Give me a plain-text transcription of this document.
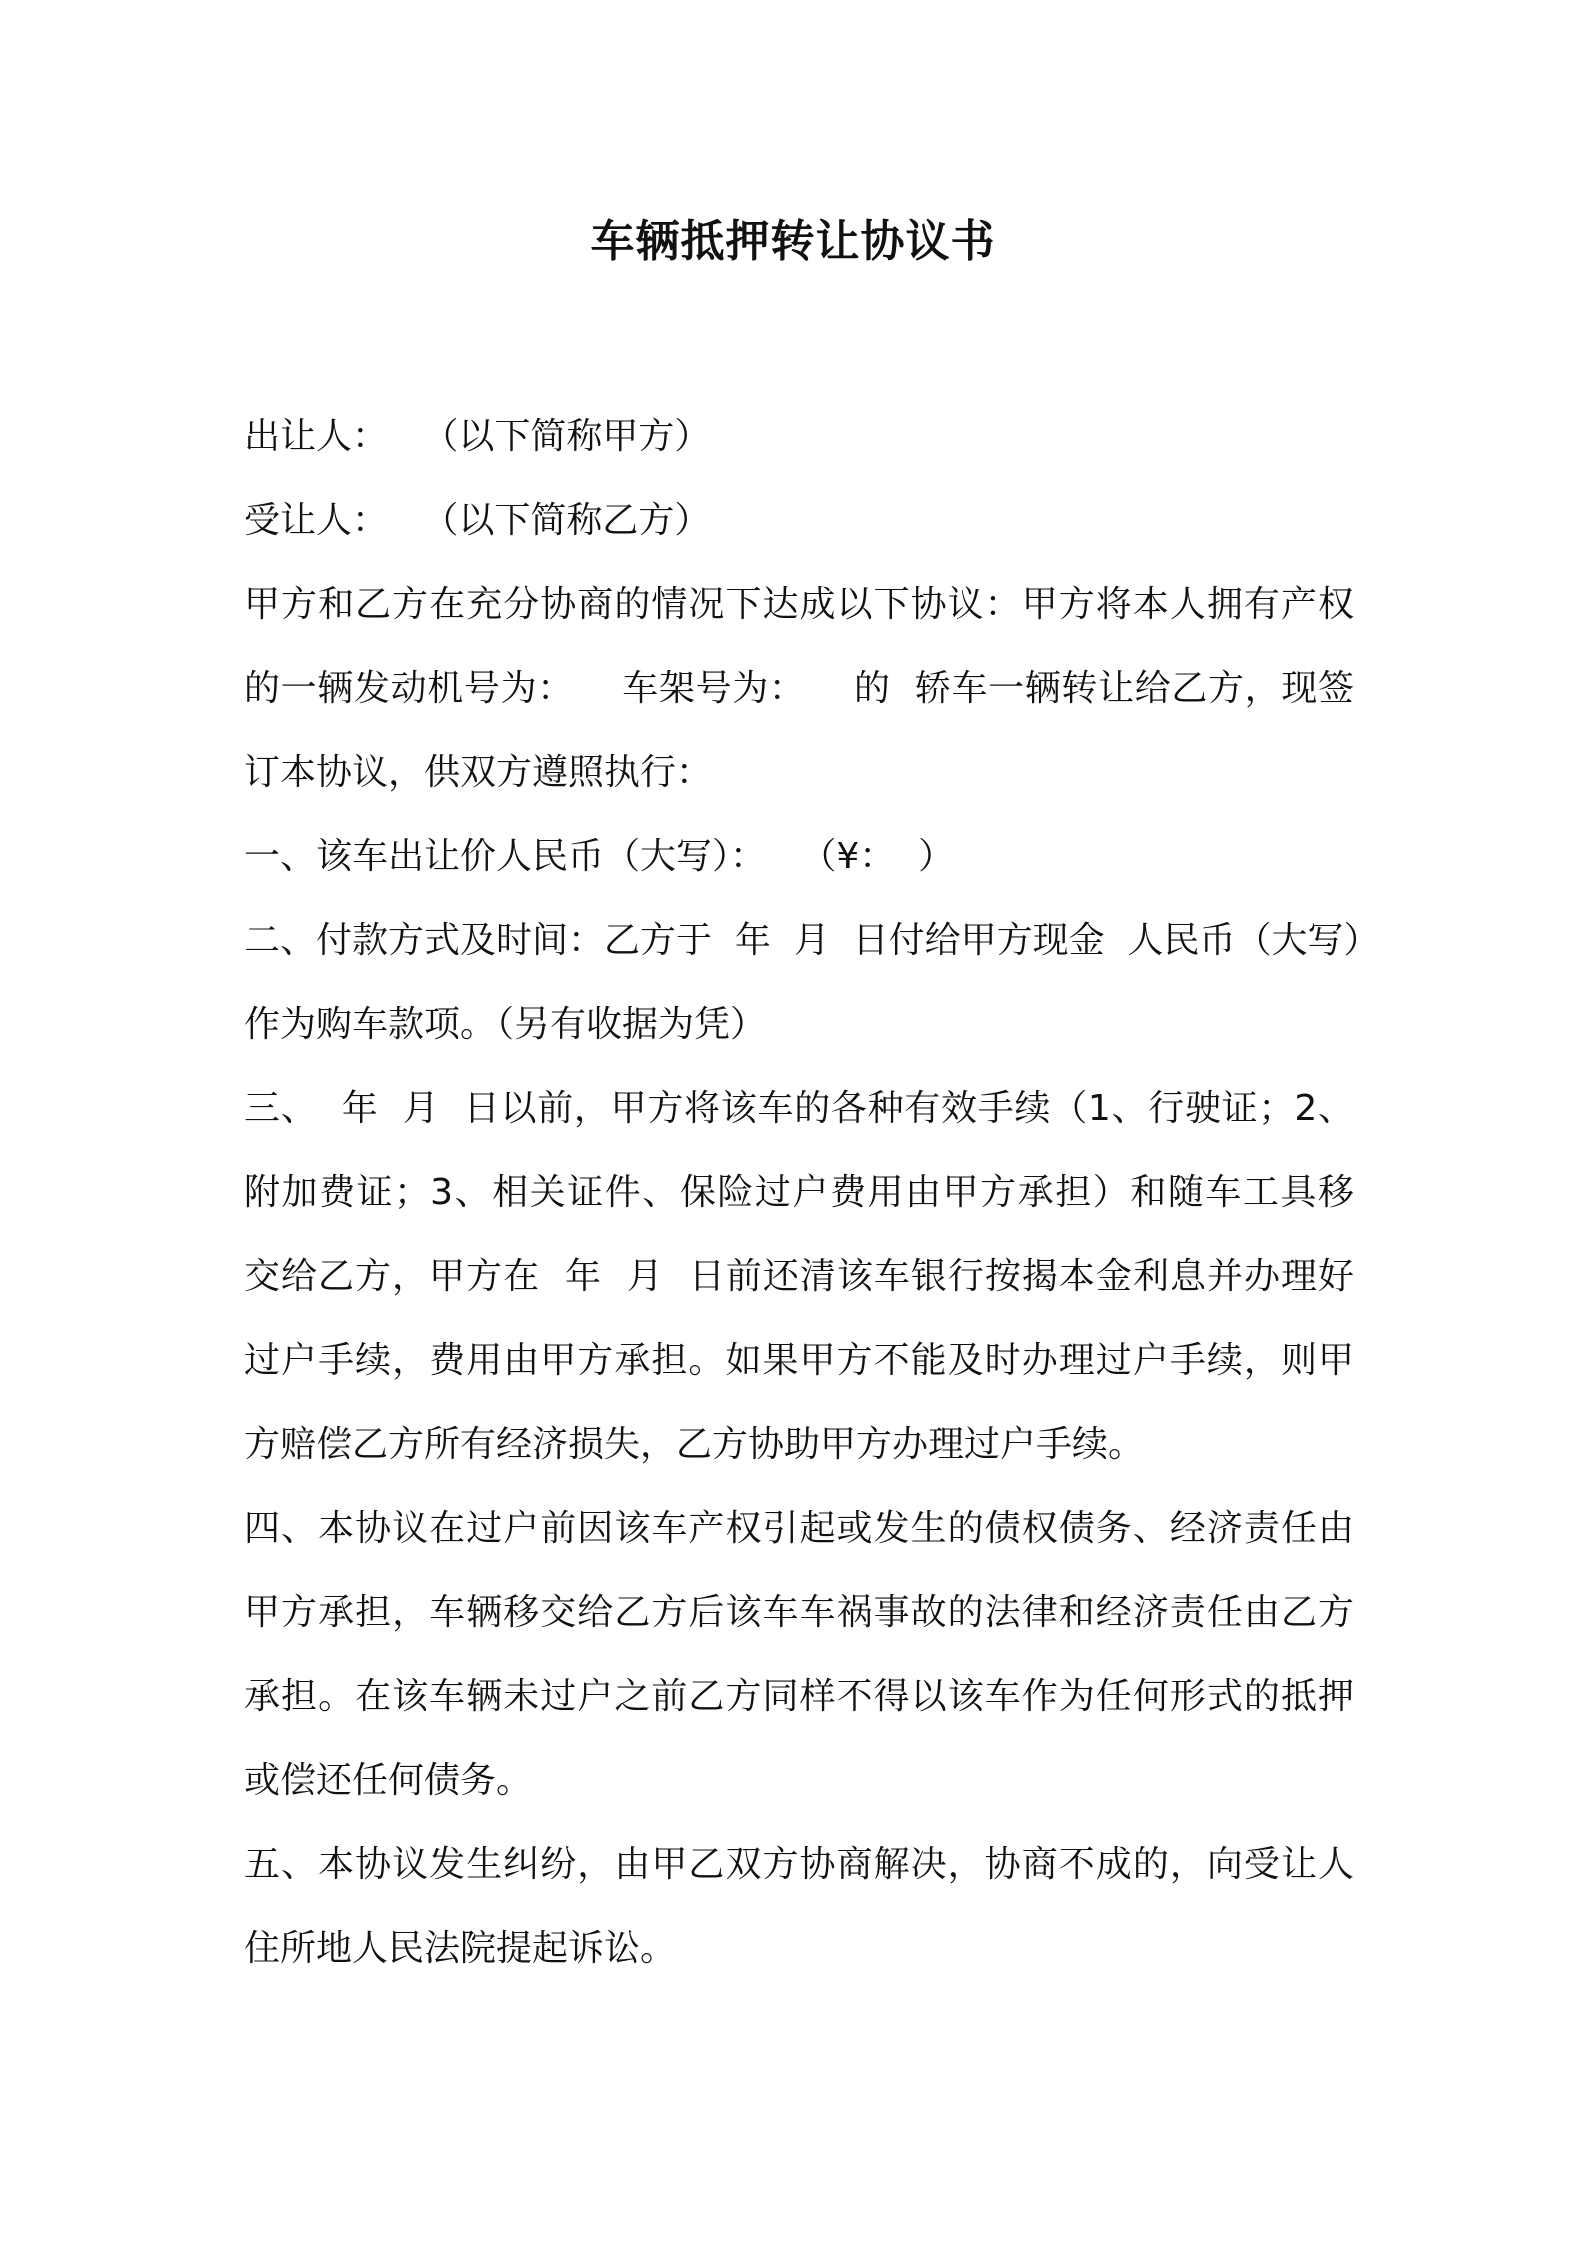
车辆抵押转让协议书
出让人：   （以下简称甲方）
受让人：   （以下简称乙方）
甲方和乙方在充分协商的情况下达成以下协议：甲方将本人拥有产权
的一辆发动机号为：    车架号为：    的  轿车一辆转让给乙方，现签
订本协议，供双方遵照执行：
一、该车出让价人民币（大写）：   （¥：  ）
二、付款方式及时间：乙方于  年  月  日付给甲方现金  人民币（大写）
作为购车款项。（另有收据为凭）
三、  年  月  日以前，甲方将该车的各种有效手续（1、行驶证；2、
附加费证；3、相关证件、保险过户费用由甲方承担）和随车工具移
交给乙方，甲方在  年  月  日前还清该车银行按揭本金利息并办理好
过户手续，费用由甲方承担。如果甲方不能及时办理过户手续，则甲
方赔偿乙方所有经济损失，乙方协助甲方办理过户手续。
四、本协议在过户前因该车产权引起或发生的债权债务、经济责任由
甲方承担，车辆移交给乙方后该车车祸事故的法律和经济责任由乙方
承担。在该车辆未过户之前乙方同样不得以该车作为任何形式的抵押
或偿还任何债务。
五、本协议发生纠纷，由甲乙双方协商解决，协商不成的，向受让人
住所地人民法院提起诉讼。
